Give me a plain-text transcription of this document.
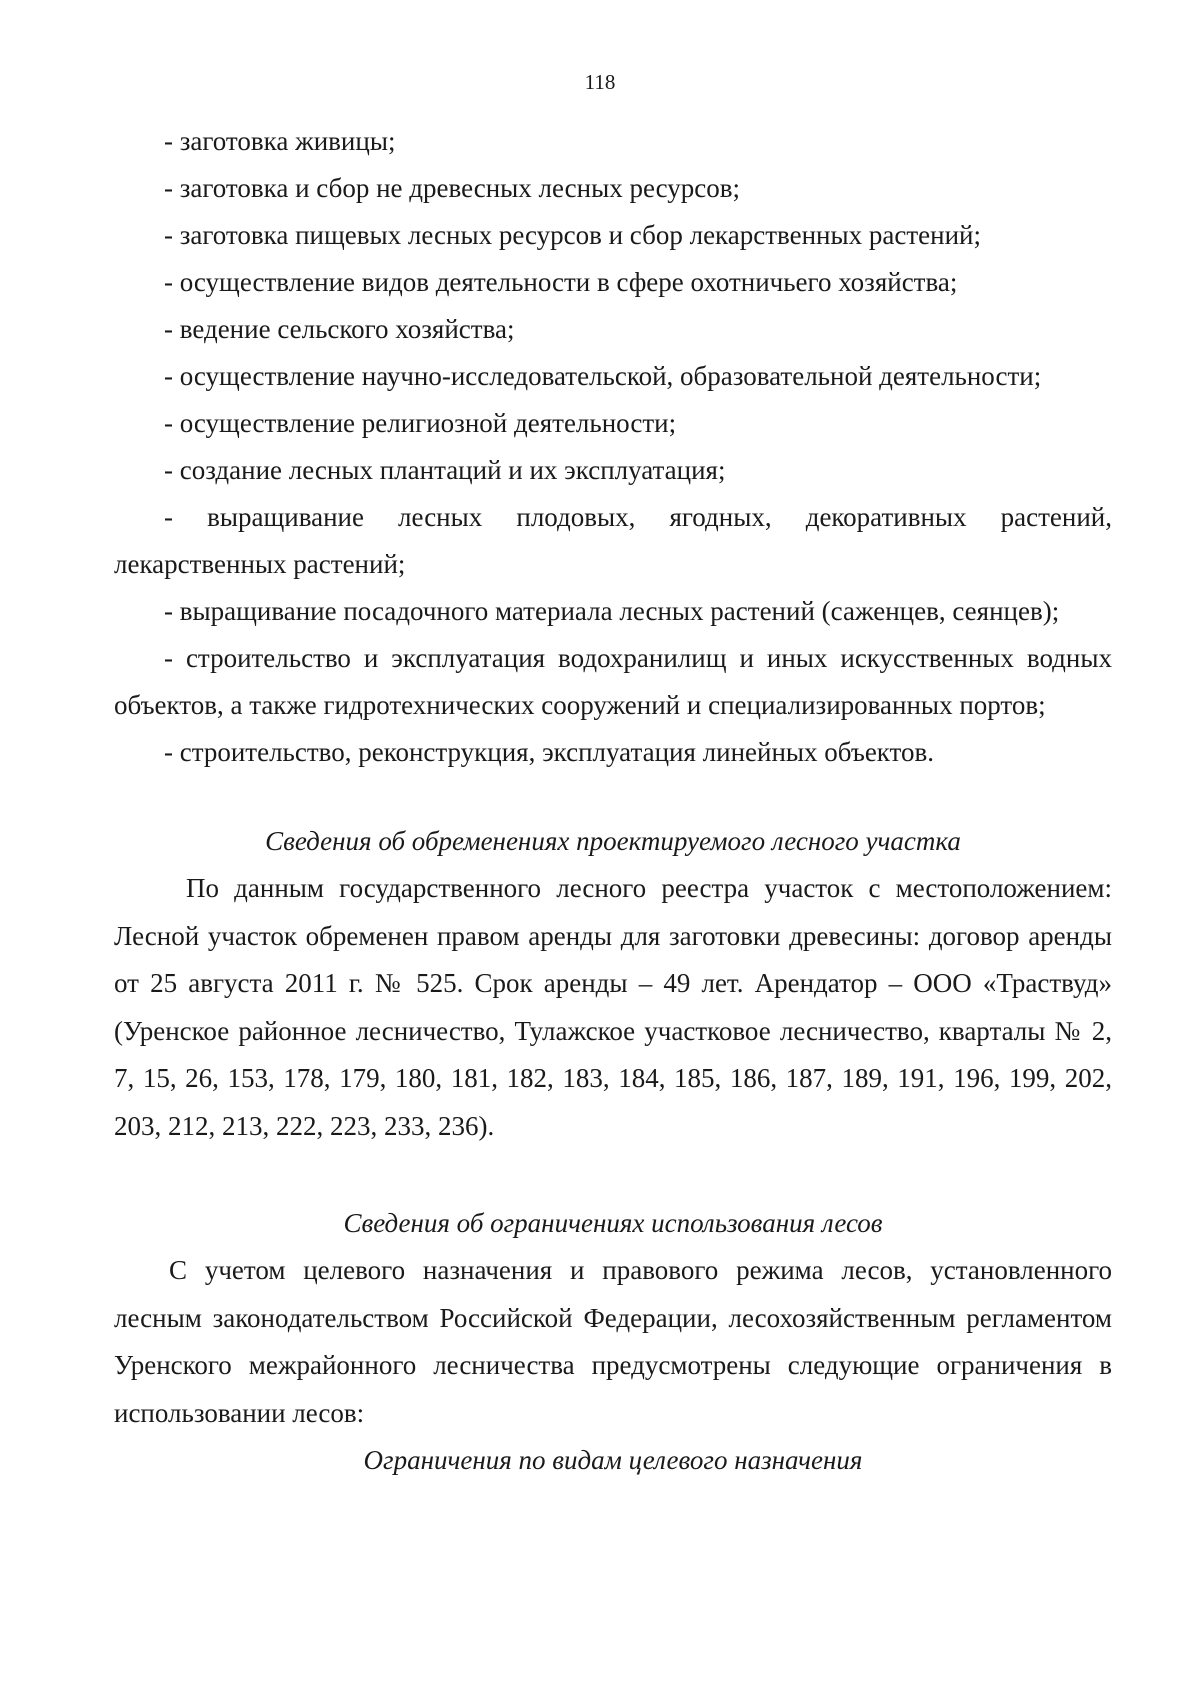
118

- заготовка живицы;

- заготовка и сбор не древесных лесных ресурсов;

- заготовка пищевых лесных ресурсов и сбор лекарственных растений;

- осуществление видов деятельности в сфере охотничьего хозяйства;

- ведение сельского хозяйства;

- осуществление научно-исследовательской, образовательной деятельности;

- осуществление религиозной деятельности;

- создание лесных плантаций и их эксплуатация;

- выращивание лесных плодовых, ягодных, декоративных растений, лекарственных растений;

- выращивание посадочного материала лесных растений (саженцев, сеянцев);

- строительство и эксплуатация водохранилищ и иных искусственных водных объектов, а также гидротехнических сооружений и специализированных портов;

- строительство, реконструкция, эксплуатация линейных объектов.

Сведения об обременениях проектируемого лесного участка

По данным государственного лесного реестра участок с местоположением: Лесной участок обременен правом аренды для заготовки древесины: договор аренды от 25 августа 2011 г. № 525. Срок аренды – 49 лет. Арендатор – ООО «Траствуд» (Уренское районное лесничество, Тулажское участковое лесничество, кварталы № 2, 7, 15, 26, 153, 178, 179, 180, 181, 182, 183, 184, 185, 186, 187, 189, 191, 196, 199, 202, 203, 212, 213, 222, 223, 233, 236).

Сведения об ограничениях использования лесов

С учетом целевого назначения и правового режима лесов, установленного лесным законодательством Российской Федерации, лесохозяйственным регламентом Уренского межрайонного лесничества предусмотрены следующие ограничения в использовании лесов:

Ограничения по видам целевого назначения
